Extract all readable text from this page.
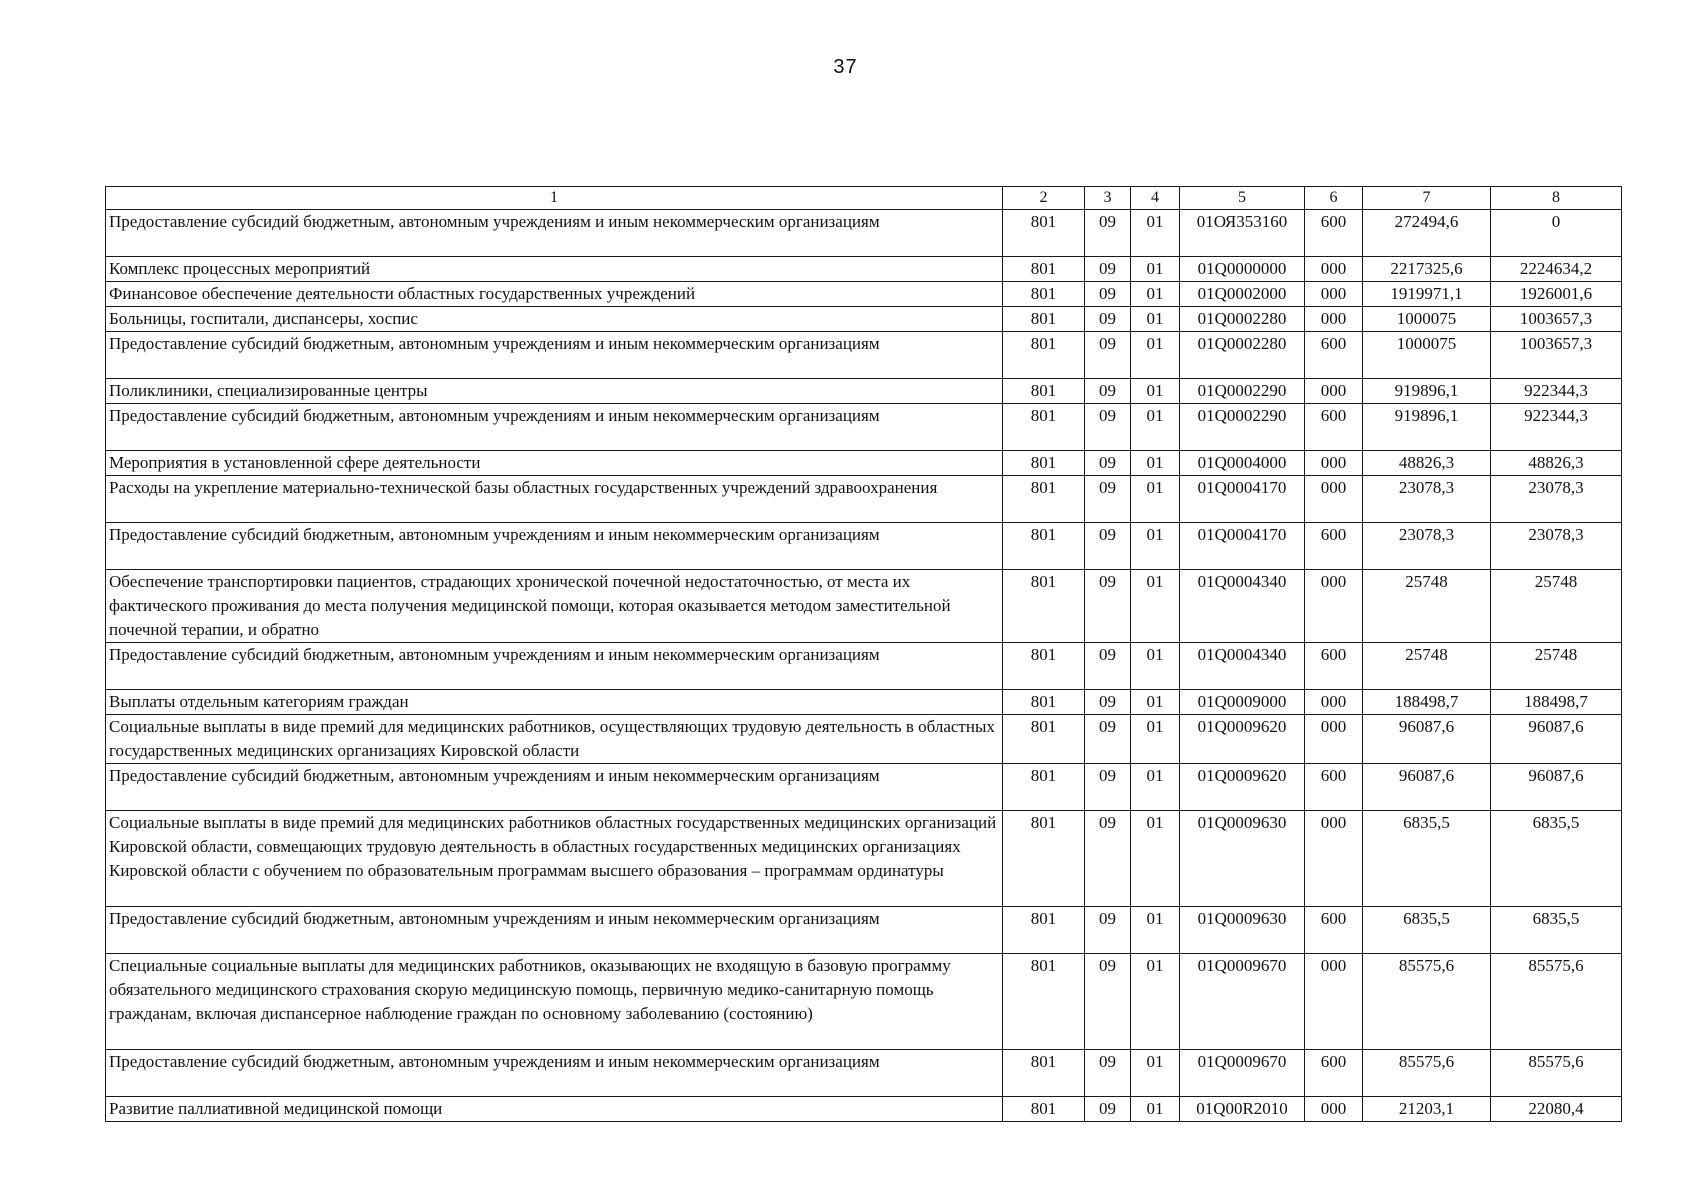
37
1	2	3	4	5	6	7	8
Предоставление субсидий бюджетным, автономным учреждениям и иным некоммерческим организациям	801	09	01	01ОЯ353160	600	272494,6	0
Комплекс процессных мероприятий	801	09	01	01Q0000000	000	2217325,6	2224634,2
Финансовое обеспечение деятельности областных государственных учреждений	801	09	01	01Q0002000	000	1919971,1	1926001,6
Больницы, госпитали, диспансеры, хоспис	801	09	01	01Q0002280	000	1000075	1003657,3
Предоставление субсидий бюджетным, автономным учреждениям и иным некоммерческим организациям	801	09	01	01Q0002280	600	1000075	1003657,3
Поликлиники, специализированные центры	801	09	01	01Q0002290	000	919896,1	922344,3
Предоставление субсидий бюджетным, автономным учреждениям и иным некоммерческим организациям	801	09	01	01Q0002290	600	919896,1	922344,3
Мероприятия в установленной сфере деятельности	801	09	01	01Q0004000	000	48826,3	48826,3
Расходы на укрепление материально-технической базы областных государственных учреждений здравоохранения	801	09	01	01Q0004170	000	23078,3	23078,3
Предоставление субсидий бюджетным, автономным учреждениям и иным некоммерческим организациям	801	09	01	01Q0004170	600	23078,3	23078,3
Обеспечение транспортировки пациентов, страдающих хронической почечной недостаточностью, от места их фактического проживания до места получения медицинской помощи, которая оказывается методом заместительной почечной терапии, и обратно	801	09	01	01Q0004340	000	25748	25748
Предоставление субсидий бюджетным, автономным учреждениям и иным некоммерческим организациям	801	09	01	01Q0004340	600	25748	25748
Выплаты отдельным категориям граждан	801	09	01	01Q0009000	000	188498,7	188498,7
Социальные выплаты в виде премий для медицинских работников, осуществляющих трудовую деятельность в областных государственных медицинских организациях Кировской области	801	09	01	01Q0009620	000	96087,6	96087,6
Предоставление субсидий бюджетным, автономным учреждениям и иным некоммерческим организациям	801	09	01	01Q0009620	600	96087,6	96087,6
Социальные выплаты в виде премий для медицинских работников областных государственных медицинских организаций Кировской области, совмещающих трудовую деятельность в областных государственных медицинских организациях Кировской области с обучением по образовательным программам высшего образования – программам ординатуры	801	09	01	01Q0009630	000	6835,5	6835,5
Предоставление субсидий бюджетным, автономным учреждениям и иным некоммерческим организациям	801	09	01	01Q0009630	600	6835,5	6835,5
Специальные социальные выплаты для медицинских работников, оказывающих не входящую в базовую программу обязательного медицинского страхования скорую медицинскую помощь, первичную медико-санитарную помощь гражданам, включая диспансерное наблюдение граждан по основному заболеванию (состоянию)	801	09	01	01Q0009670	000	85575,6	85575,6
Предоставление субсидий бюджетным, автономным учреждениям и иным некоммерческим организациям	801	09	01	01Q0009670	600	85575,6	85575,6
Развитие паллиативной медицинской помощи	801	09	01	01Q00R2010	000	21203,1	22080,4
